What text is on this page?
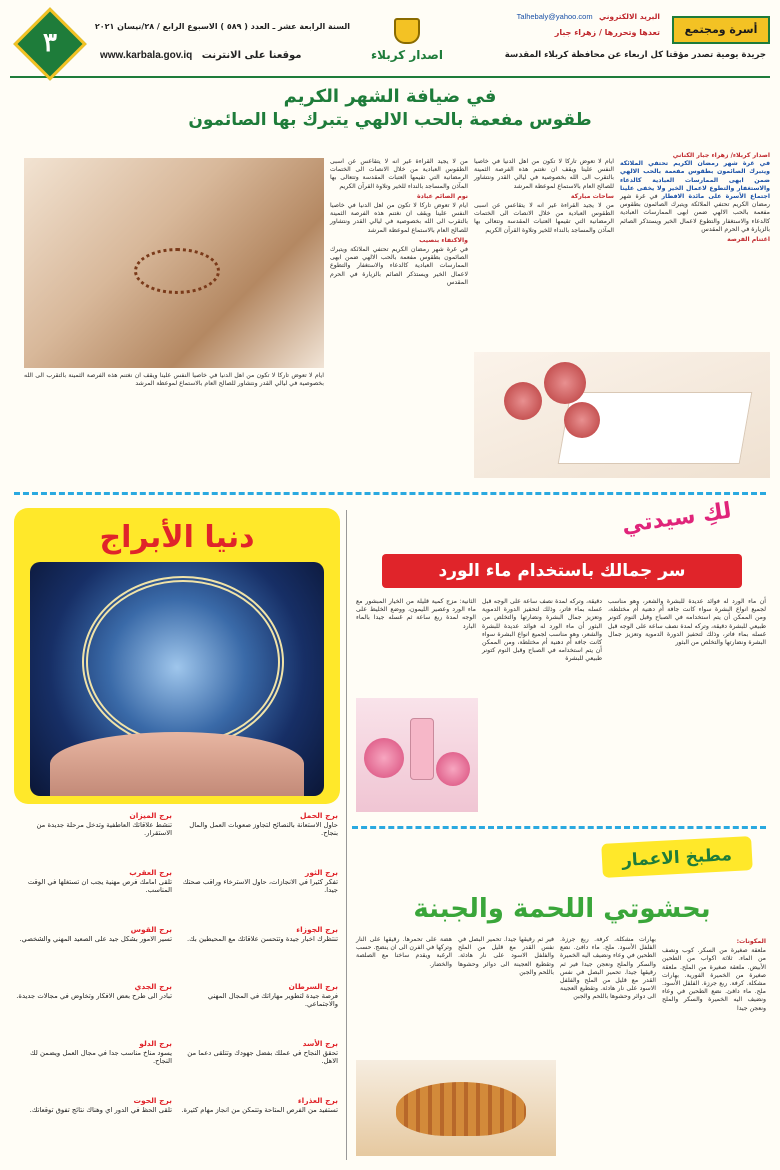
٣
السنة الرابعة عشر ـ العدد ( ٥٨٩ ) الاسبوع الرابع / ٢٨/نيسان ٢٠٢١
www.karbala.gov.iq موقعنا على الانترنت	اصدار كربلاء
البريد الالكتروني Talhebaly@yahoo.com
تعدها وتحررها / زهراء جبار	أسرة ومجتمع
جريدة يومية تصدر مؤقتا كل اربعاء عن محافظة كربلاء المقدسة
في ضيافة الشهر الكريم
طقوس مفعمة بالحب الالهي يتبرك بها الصائمون
ايام لا تعوض تاركا لا تكون من اهل الدنيا في خاصيا النفس علينا ويقف ان نغتنم هذه الفرصة الثمينة بالتقرب الى الله بخصوصية في ليالي القدر ونتشاور للصالح العام بالاستماع لموعظة المرشد
من لا يجيد القراءة غير انه لا يتقاعس عن اسبى الطقوس العبادية من خلال الانصات الى الختمات الرمضانية التي تقيمها العتبات المقدسة وتتعالى بها المآذن والمساجد بالنداء للخير وتلاوة القرآن الكريم
نوم الصائم عبادة
ايام لا تعوض تاركا لا تكون من اهل الدنيا في خاصيا النفس علينا ويقف ان نغتنم هذه الفرصة الثمينة بالتقرب الى الله بخصوصية في ليالي القدر ونتشاور للصالح العام بالاستماع لموعظة المرشد
والاكتفاء بنصيب
في غرة شهر رمضان الكريم تحتفي الملائكة ويتبرك الصائمون بطقوس مفعمة بالحب الالهي ضمن ابهى الممارسات العبادية كالدعاء والاستغفار والتطوع لاعمال الخير ويستذكر الصائم بالزيارة في الحرم المقدس
ايام لا تعوض تاركا لا تكون من اهل الدنيا في خاصيا النفس علينا ويقف ان نغتنم هذه الفرصة الثمينة بالتقرب الى الله بخصوصية في ليالي القدر ونتشاور للصالح العام بالاستماع لموعظة المرشد
ساحات مباركة
من لا يجيد القراءة غير انه لا يتقاعس عن اسبى الطقوس العبادية من خلال الانصات الى الختمات الرمضانية التي تقيمها العتبات المقدسة وتتعالى بها المآذن والمساجد بالنداء للخير وتلاوة القرآن الكريم
اصدار كربلاء/ زهراء جبار الكناني
في غرة شهر رمضان الكريم تحتفي الملائكة ويتبرك الصائمون بطقوس مفعمة بالحب الالهي ضمن ابهى الممارسات العبادية كالدعاء والاستغفار والتطوع لاعمال الخير ولا يخفى علينا اجتماع الأسرة على مائدة الافطار في غرة شهر رمضان الكريم تحتفي الملائكة ويتبرك الصائمون بطقوس مفعمة بالحب الالهي ضمن ابهى الممارسات العبادية كالدعاء والاستغفار والتطوع لاعمال الخير ويستذكر الصائم بالزيارة في الحرم المقدس
اغتنام الفرصة
دنيا الأبراج
برج الحمل
حاول الاستعانة بالنصائح لتجاوز صعوبات العمل والمال بنجاح.
برج الثور
تفكر كثيرا في الانجازات، حاول الاسترخاء وراقب صحتك جيدا.
برج الجوزاء
تنتظرك اخبار جيدة وتتحسن علاقاتك مع المحيطين بك.
برج السرطان
فرصة جيدة لتطوير مهاراتك في المجال المهني والاجتماعي.
برج الأسد
تحقق النجاح في عملك بفضل جهودك وتتلقى دعما من الاهل.
برج العذراء
تستفيد من الفرص المتاحة وتتمكن من انجاز مهام كثيرة.
برج الميزان
تنشط علاقاتك العاطفية وتدخل مرحلة جديدة من الاستقرار.
برج العقرب
تلقى امامك فرص مهنية يجب ان تستغلها في الوقت المناسب.
برج القوس
تسير الامور بشكل جيد على الصعيد المهني والشخصي.
برج الجدي
تبادر الى طرح بعض الافكار وتخاوض في مجالات جديدة.
برج الدلو
يسود مناخ مناسب جدا في مجال العمل ويضمن لك النجاح.
برج الحوت
تلقى الحظ في الدور اي وهناك نتائج تفوق توقعاتك.
لكِ سيدتي
سر جمالك باستخدام ماء الورد
الثانية: مزج كمية قليلة من الخيار المبشور مع ماء الورد وعصير الليمون، ووضع الخليط على الوجه لمدة ربع ساعة ثم غسله جيدا بالماء البارد
دقيقة، وتركه لمدة نصف ساعة على الوجه قبل غسله بماء فاتر، وذلك لتحفيز الدورة الدموية وتعزيز جمال البشرة ونضارتها والتخلص من البثور أن ماء الورد له فوائد عديدة للبشرة والشعر، وهو مناسب لجميع انواع البشرة سواء كانت جافة أم دهنية أم مختلطة، ومن الممكن أن يتم استخدامه في الصباح وقبل النوم كتونر طبيعي للبشرة
أن ماء الورد له فوائد عديدة للبشرة والشعر، وهو مناسب لجميع انواع البشرة سواء كانت جافة أم دهنية أم مختلطة، ومن الممكن أن يتم استخدامه في الصباح وقبل النوم كتونر طبيعي للبشرة دقيقة، وتركه لمدة نصف ساعة على الوجه قبل غسله بماء فاتر، وذلك لتحفيز الدورة الدموية وتعزيز جمال البشرة ونضارتها والتخلص من البثور
مطبخ الاعمار
بحشوتي اللحمة والجبنة
هضة على تحمرها. رقيقها على النار وتركها في الفرن الى ان ينضج. حسب الرغبة ويقدم ساخنا مع الصلصة والخضار.
فير ثم رقيقها جيدا. تحمير البصل في نفس القدر مع قليل من الملح والفلفل الاسود على نار هادئة. وتقطيع العجينة الى دوائر وحشوها باللحم والجبن
بهارات مشكلة. كرفة. ربع جرزة. الفلفل الأسود. ملح. ماء دافئ. نضع الطحين في وعاء ونضيف اليه الخميرة والسكر والملح ونعجن جيدا فير ثم رقيقها جيدا. تحمير البصل في نفس القدر مع قليل من الملح والفلفل الاسود على نار هادئة. وتقطيع العجينة الى دوائر وحشوها باللحم والجبن
المكونات:
ملعقة صغيرة من السكر. كوب ونصف من الماء. ثلاثة اكواب من الطحين الأبيض. ملعقة صغيرة من الملح. ملعقة صغيرة من الخميرة الفورية. بهارات مشكلة. كرفة. ربع جرزة. الفلفل الأسود. ملح. ماء دافئ. نضع الطحين في وعاء ونضيف اليه الخميرة والسكر والملح ونعجن جيدا
